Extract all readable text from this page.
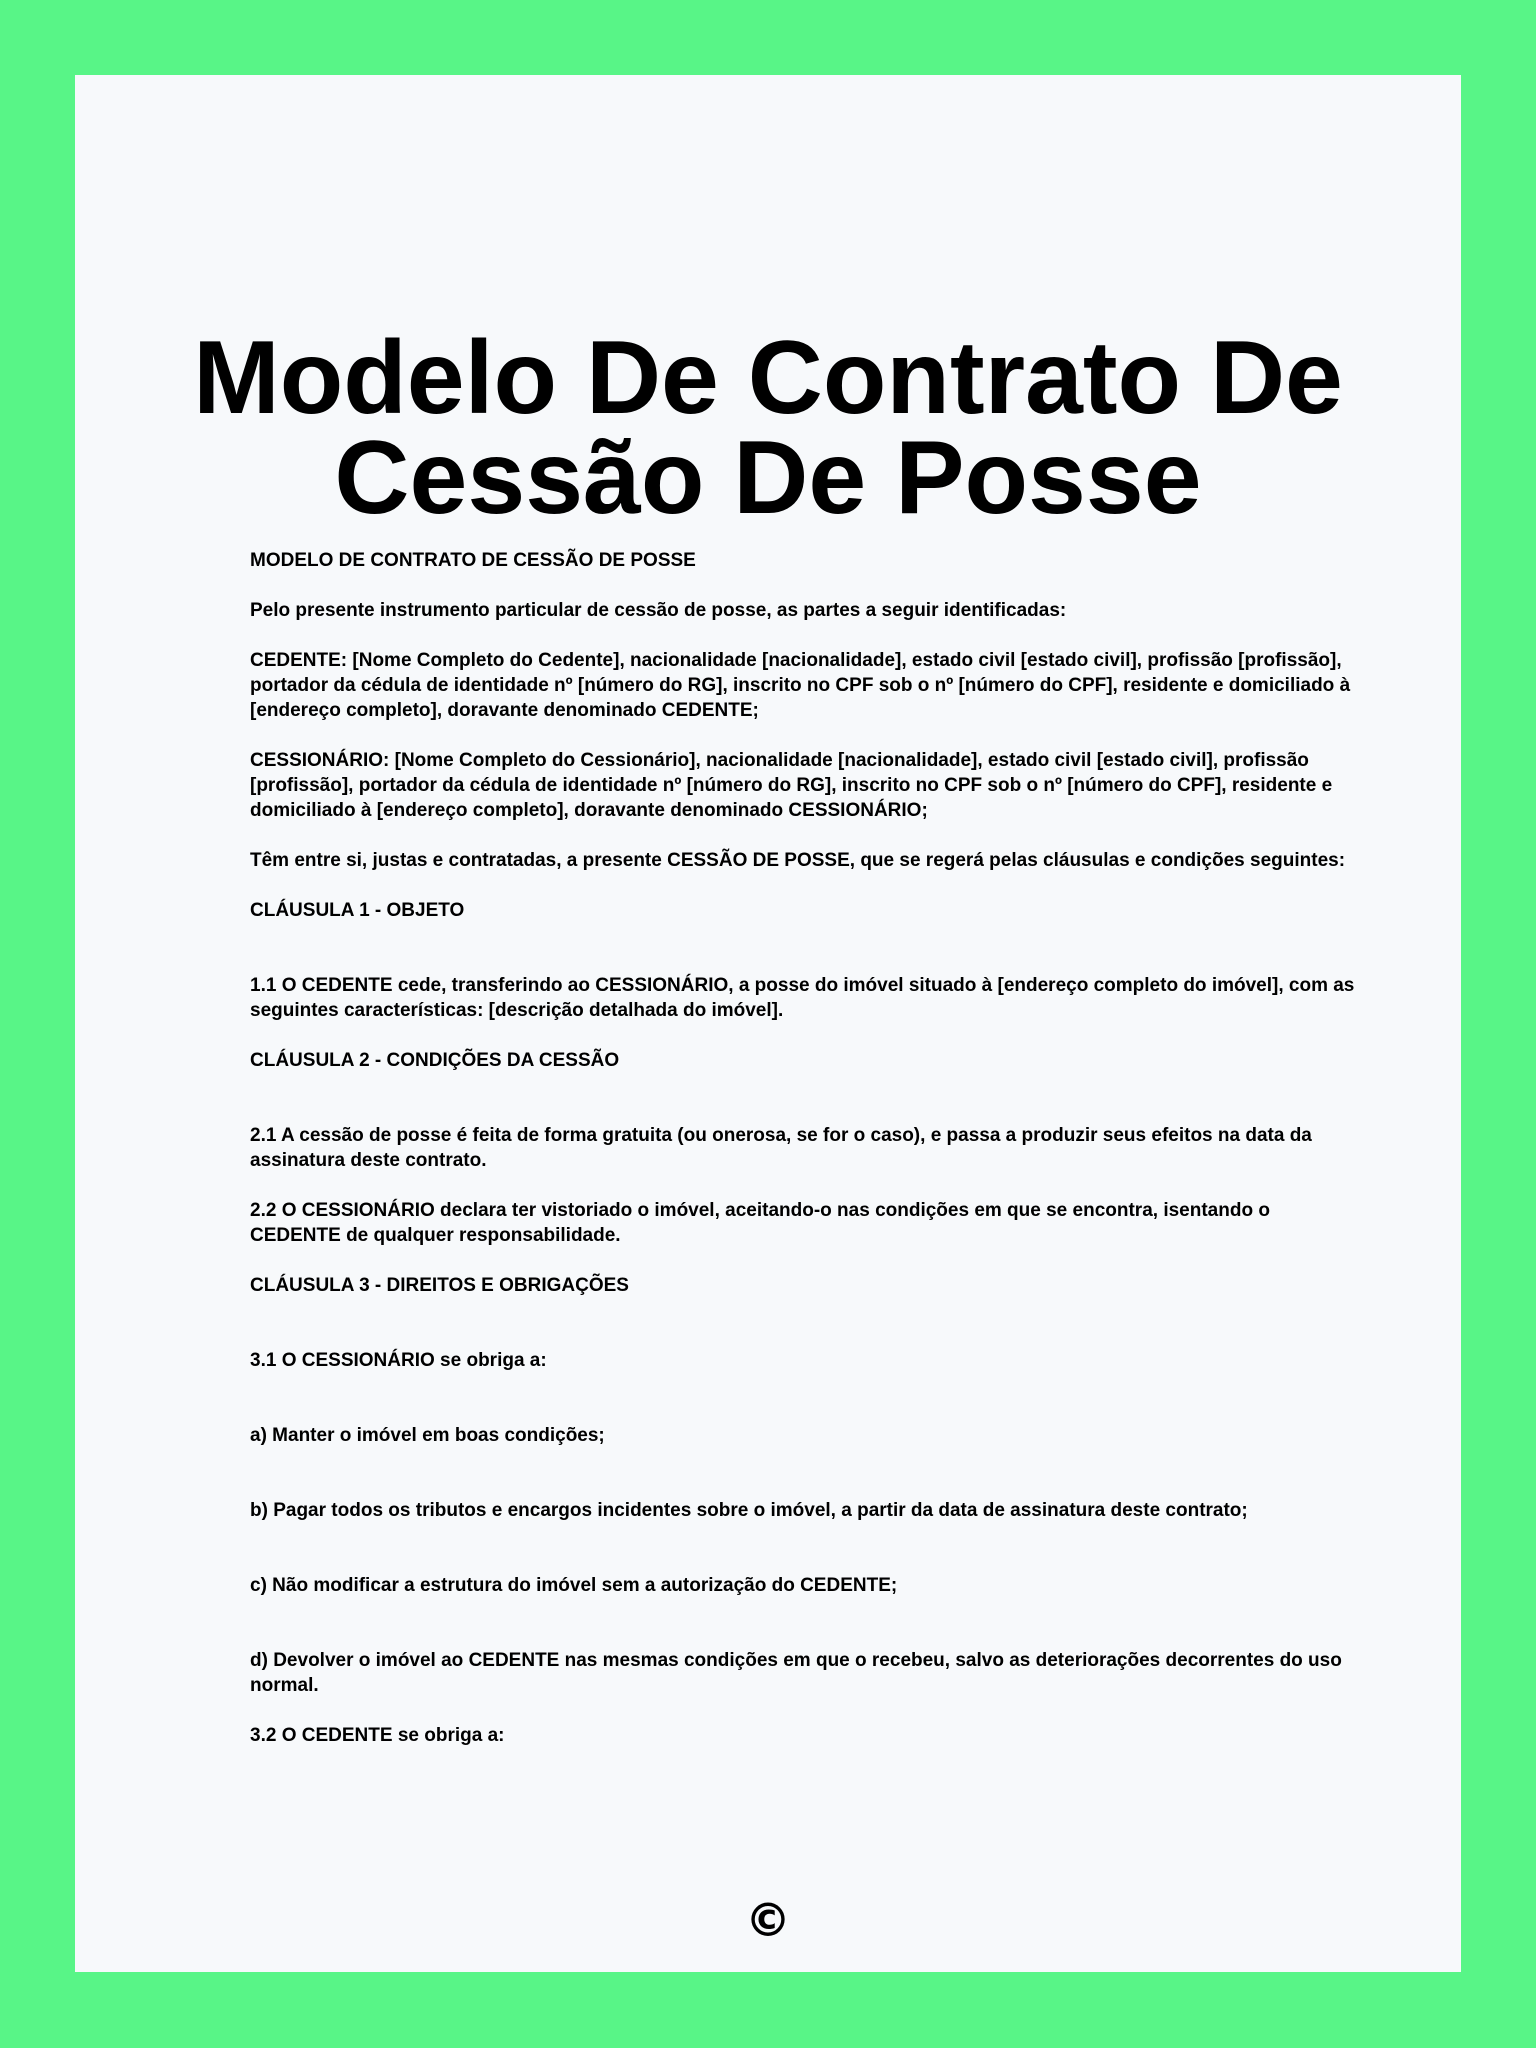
Modelo De Contrato De
Cessão De Posse

MODELO DE CONTRATO DE CESSÃO DE POSSE

Pelo presente instrumento particular de cessão de posse, as partes a seguir identificadas:

CEDENTE: [Nome Completo do Cedente], nacionalidade [nacionalidade], estado civil [estado civil], profissão [profissão], portador da cédula de identidade nº [número do RG], inscrito no CPF sob o nº [número do CPF], residente e domiciliado à [endereço completo], doravante denominado CEDENTE;

CESSIONÁRIO: [Nome Completo do Cessionário], nacionalidade [nacionalidade], estado civil [estado civil], profissão [profissão], portador da cédula de identidade nº [número do RG], inscrito no CPF sob o nº [número do CPF], residente e domiciliado à [endereço completo], doravante denominado CESSIONÁRIO;

Têm entre si, justas e contratadas, a presente CESSÃO DE POSSE, que se regerá pelas cláusulas e condições seguintes:

CLÁUSULA 1 - OBJETO

1.1 O CEDENTE cede, transferindo ao CESSIONÁRIO, a posse do imóvel situado à [endereço completo do imóvel], com as seguintes características: [descrição detalhada do imóvel].

CLÁUSULA 2 - CONDIÇÕES DA CESSÃO

2.1 A cessão de posse é feita de forma gratuita (ou onerosa, se for o caso), e passa a produzir seus efeitos na data da assinatura deste contrato.

2.2 O CESSIONÁRIO declara ter vistoriado o imóvel, aceitando-o nas condições em que se encontra, isentando o CEDENTE de qualquer responsabilidade.

CLÁUSULA 3 - DIREITOS E OBRIGAÇÕES

3.1 O CESSIONÁRIO se obriga a:

a) Manter o imóvel em boas condições;

b) Pagar todos os tributos e encargos incidentes sobre o imóvel, a partir da data de assinatura deste contrato;

c) Não modificar a estrutura do imóvel sem a autorização do CEDENTE;

d) Devolver o imóvel ao CEDENTE nas mesmas condições em que o recebeu, salvo as deteriorações decorrentes do uso normal.

3.2 O CEDENTE se obriga a:

©
